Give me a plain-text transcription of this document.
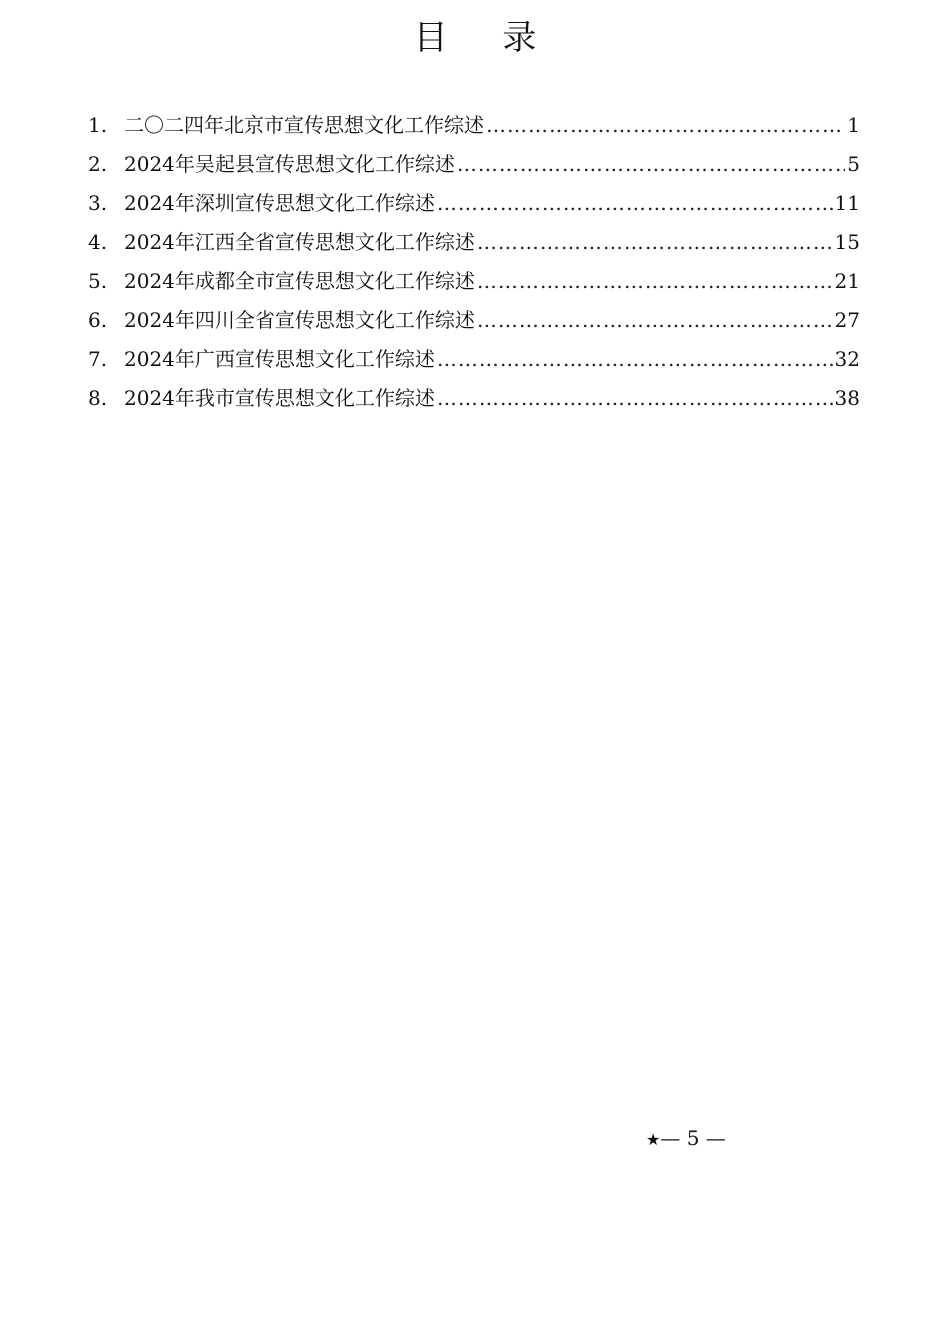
目 录
1. 二〇二四年北京市宣传思想文化工作综述 …………………………………………………………………………………………………………………………	1
2. 2024年吴起县宣传思想文化工作综述 …………………………………………………………………………………………………………………………	5
3. 2024年深圳宣传思想文化工作综述 …………………………………………………………………………………………………………………………	11
4. 2024年江西全省宣传思想文化工作综述 …………………………………………………………………………………………………………………………	15
5. 2024年成都全市宣传思想文化工作综述 …………………………………………………………………………………………………………………………	21
6. 2024年四川全省宣传思想文化工作综述 …………………………………………………………………………………………………………………………	27
7. 2024年广西宣传思想文化工作综述 …………………………………………………………………………………………………………………………	32
8. 2024年我市宣传思想文化工作综述 …………………………………………………………………………………………………………………………	38
★— 5 —
